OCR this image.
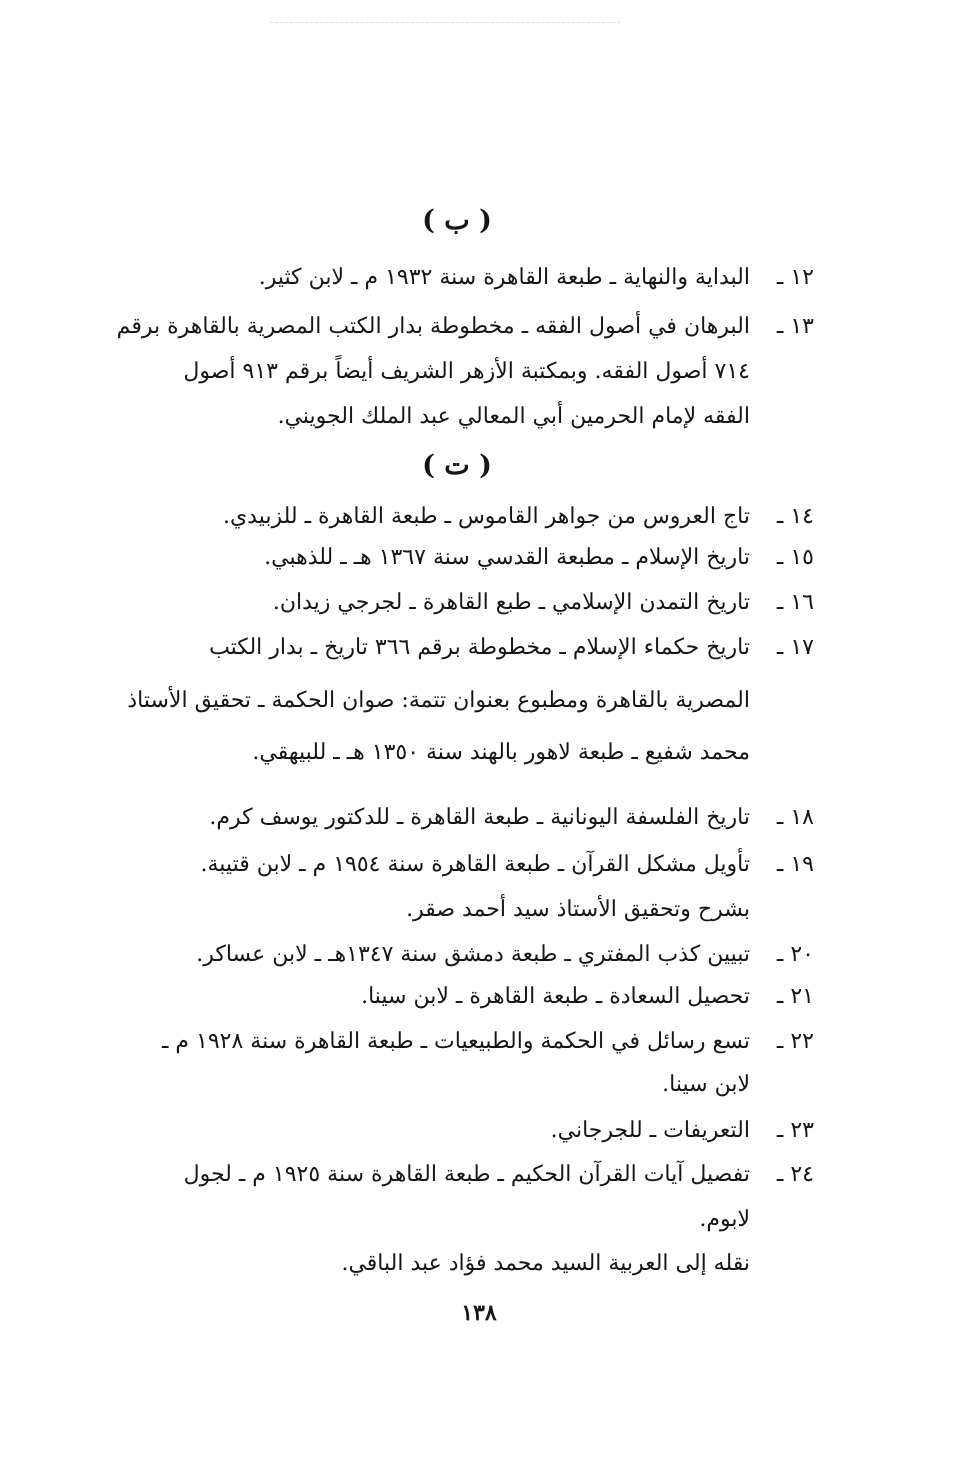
( ب )
١٢ ـ
البداية والنهاية ـ طبعة القاهرة سنة ١٩٣٢ م ـ لابن كثير.
١٣ ـ
البرهان في أصول الفقه ـ مخطوطة بدار الكتب المصرية بالقاهرة برقم
٧١٤ أصول الفقه. وبمكتبة الأزهر الشريف أيضاً برقم ٩١٣ أصول
الفقه لإمام الحرمين أبي المعالي عبد الملك الجويني.
( ت )
١٤ ـ
تاج العروس من جواهر القاموس ـ طبعة القاهرة ـ للزبيدي.
١٥ ـ
تاريخ الإسلام ـ مطبعة القدسي سنة ١٣٦٧ هـ ـ للذهبي.
١٦ ـ
تاريخ التمدن الإسلامي ـ طبع القاهرة ـ لجرجي زيدان.
١٧ ـ
تاريخ حكماء الإسلام ـ مخطوطة برقم ٣٦٦ تاريخ ـ بدار الكتب
المصرية بالقاهرة ومطبوع بعنوان تتمة: صوان الحكمة ـ تحقيق الأستاذ
محمد شفيع ـ طبعة لاهور بالهند سنة ١٣٥٠ هـ ـ للبيهقي.
١٨ ـ
تاريخ الفلسفة اليونانية ـ طبعة القاهرة ـ للدكتور يوسف كرم.
١٩ ـ
تأويل مشكل القرآن ـ طبعة القاهرة سنة ١٩٥٤ م ـ لابن قتيبة.
بشرح وتحقيق الأستاذ سيد أحمد صقر.
٢٠ ـ
تبيين كذب المفتري ـ طبعة دمشق سنة ١٣٤٧هـ ـ لابن عساكر.
٢١ ـ
تحصيل السعادة ـ طبعة القاهرة ـ لابن سينا.
٢٢ ـ
تسع رسائل في الحكمة والطبيعيات ـ طبعة القاهرة سنة ١٩٢٨ م ـ
لابن سينا.
٢٣ ـ
التعريفات ـ للجرجاني.
٢٤ ـ
تفصيل آيات القرآن الحكيم ـ طبعة القاهرة سنة ١٩٢٥ م ـ لجول
لابوم.
نقله إلى العربية السيد محمد فؤاد عبد الباقي.
١٣٨
